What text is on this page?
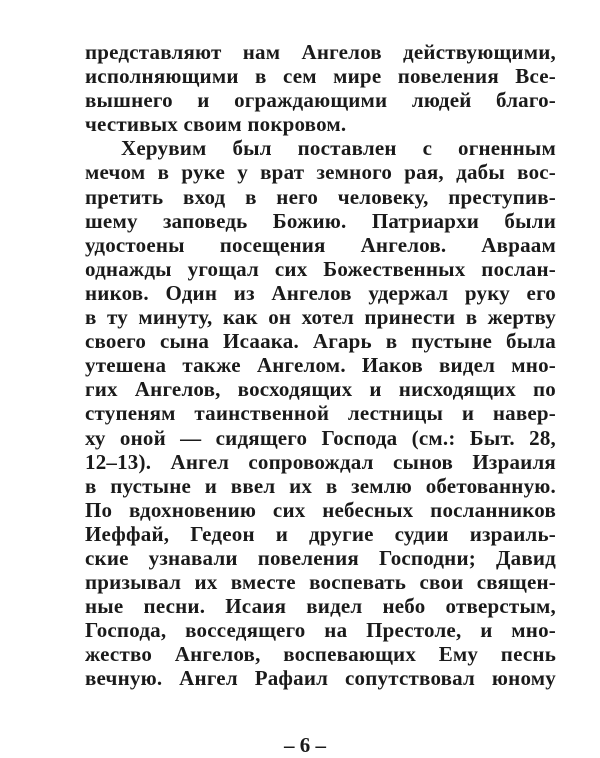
представляют нам Ангелов действующими,
исполняющими в сем мире повеления Все-
вышнего и ограждающими людей благо-
честивых своим покровом.
Херувим был поставлен с огненным
мечом в руке у врат земного рая, дабы вос-
претить вход в него человеку, преступив-
шему заповедь Божию. Патриархи были
удостоены посещения Ангелов. Авраам
однажды угощал сих Божественных послан-
ников. Один из Ангелов удержал руку его
в ту минуту, как он хотел принести в жертву
своего сына Исаака. Агарь в пустыне была
утешена также Ангелом. Иаков видел мно-
гих Ангелов, восходящих и нисходящих по
ступеням таинственной лестницы и навер-
ху оной — сидящего Господа (см.: Быт. 28,
12–13). Ангел сопровождал сынов Израиля
в пустыне и ввел их в землю обетованную.
По вдохновению сих небесных посланников
Иеффай, Гедеон и другие судии израиль-
ские узнавали повеления Господни; Давид
призывал их вместе воспевать свои священ-
ные песни. Исаия видел небо отверстым,
Господа, восседящего на Престоле, и мно-
жество Ангелов, воспевающих Ему песнь
вечную. Ангел Рафаил сопутствовал юному
– 6 –
